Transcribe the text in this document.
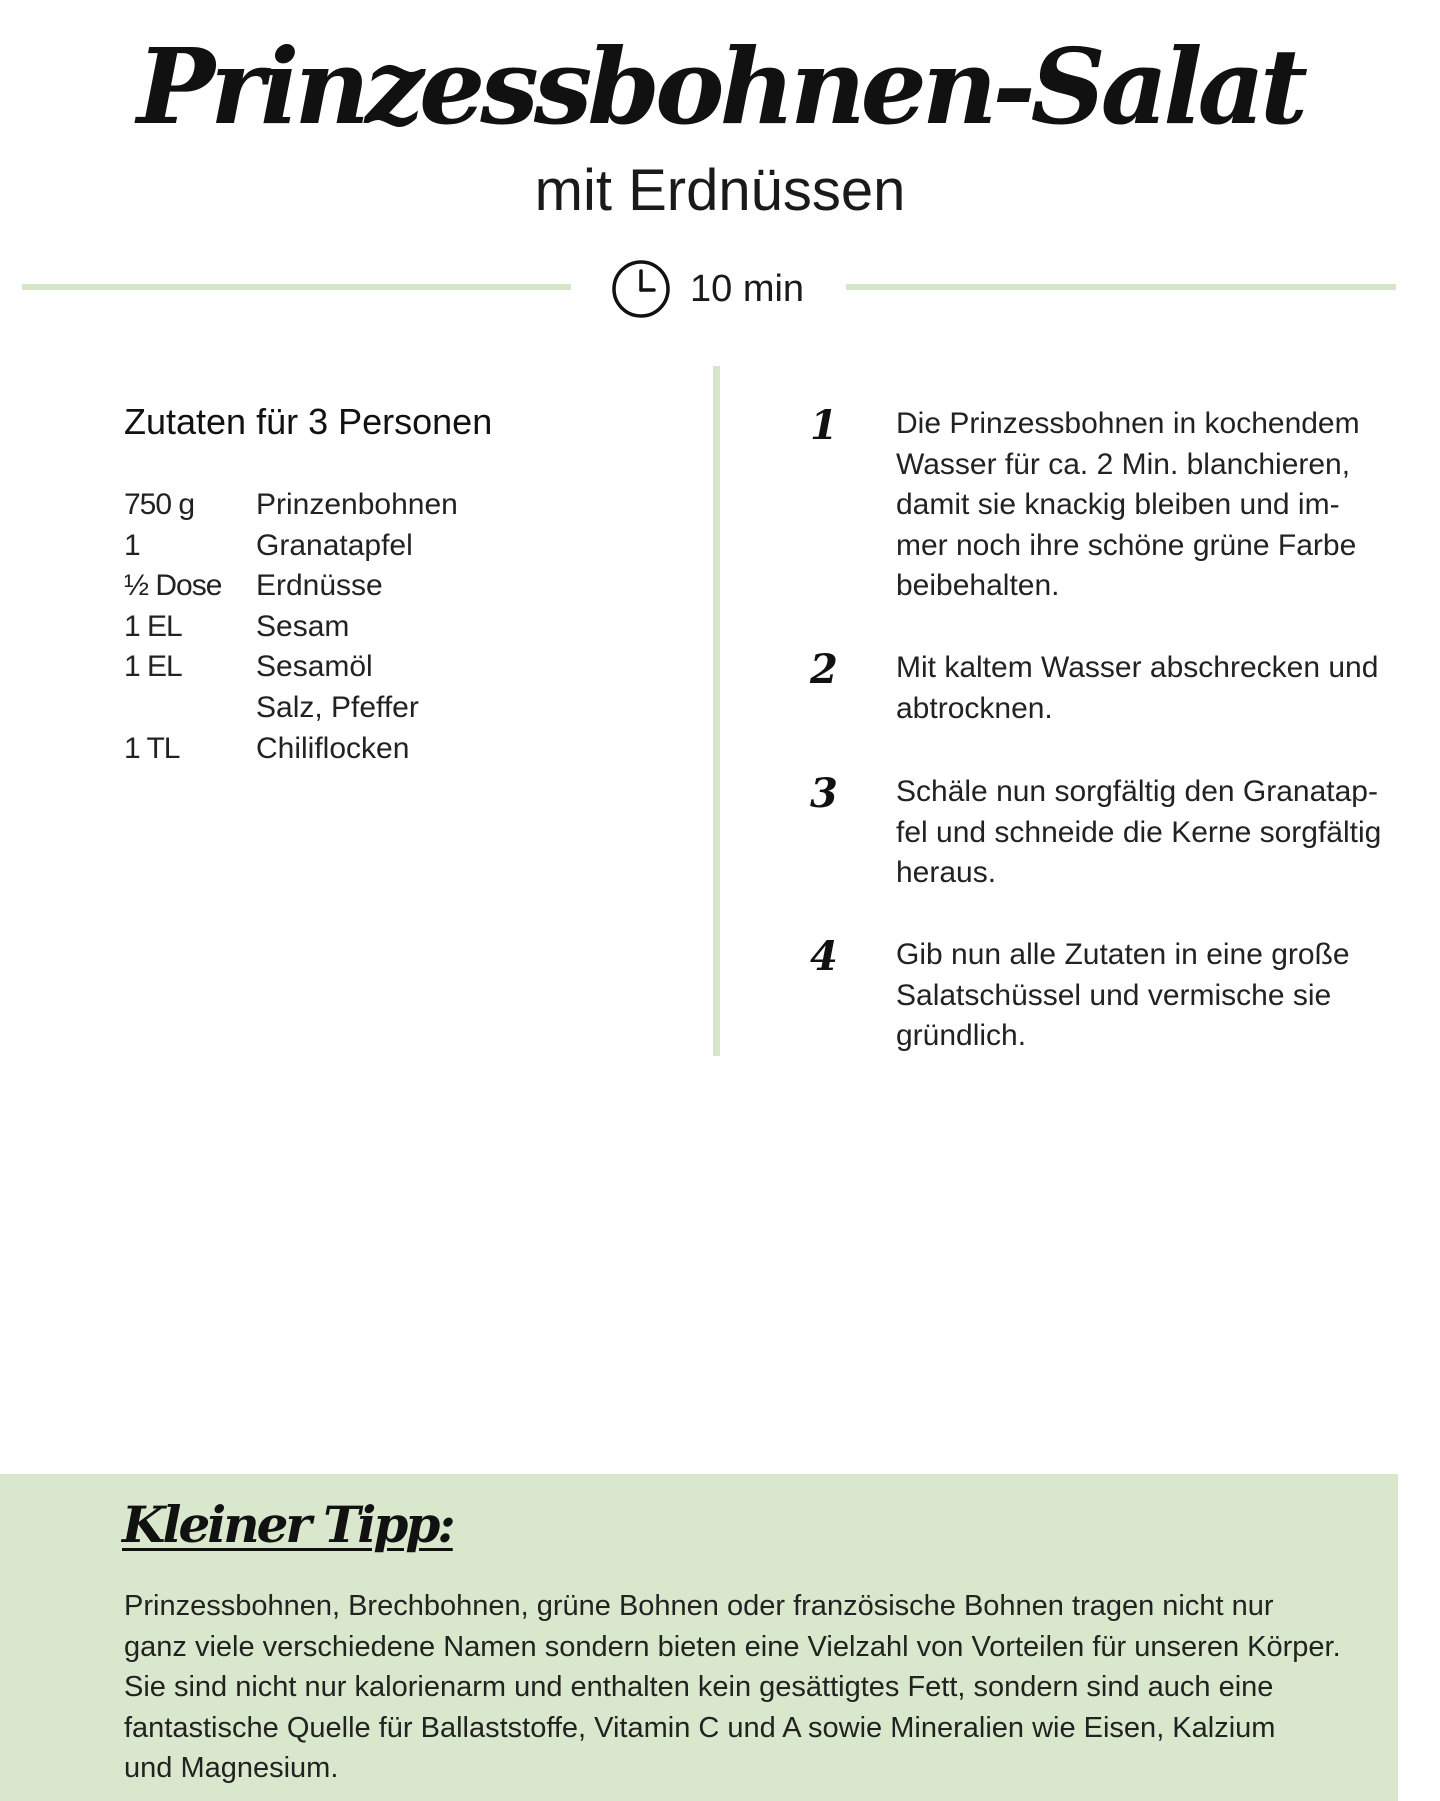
Prinzessbohnen-Salat
mit Erdnüssen
10 min
Zutaten für 3 Personen
750 g Prinzenbohnen
1	Granatapfel
½ Dose Erdnüsse
1 EL Sesam
1 EL Sesamöl
Salz, Pfeffer
1 TL	Chiliflocken
1 Die Prinzessbohnen in kochendem
Wasser für ca. 2 Min. blanchieren,
damit sie knackig bleiben und im-
mer noch ihre schöne grüne Farbe
beibehalten.
2 Mit kaltem Wasser abschrecken und
abtrocknen.
3 Schäle nun sorgfältig den Granatap-
fel und schneide die Kerne sorgfältig
heraus.
4 Gib nun alle Zutaten in eine große
Salatschüssel und vermische sie
gründlich.
Kleiner Tipp:
Prinzessbohnen, Brechbohnen, grüne Bohnen oder französische Bohnen tragen nicht nur
ganz viele verschiedene Namen sondern bieten eine Vielzahl von Vorteilen für unseren Körper.
Sie sind nicht nur kalorienarm und enthalten kein gesättigtes Fett, sondern sind auch eine
fantastische Quelle für Ballaststoffe, Vitamin C und A sowie Mineralien wie Eisen, Kalzium
und Magnesium.
